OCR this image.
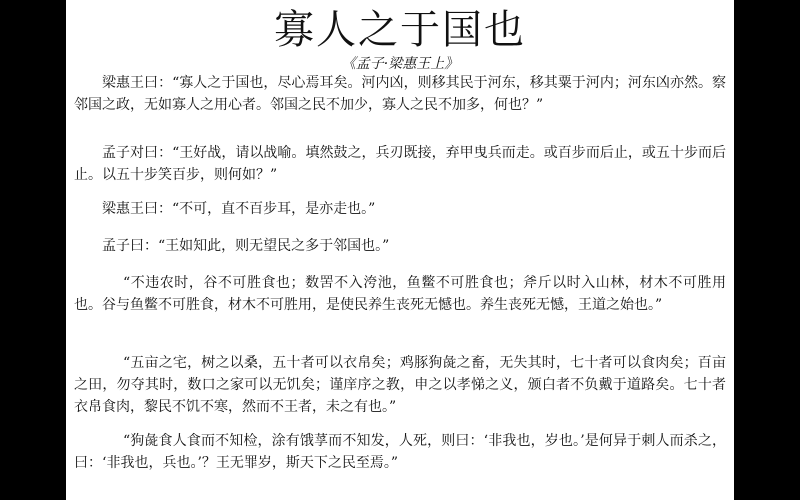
寡人之于国也
《孟子·梁惠王上》

梁惠王曰：“寡人之于国也，尽心焉耳矣。河内凶，则移其民于河东，移其粟于河内；河东凶亦然。察邻国之政，无如寡人之用心者。邻国之民不加少，寡人之民不加多，何也？”

孟子对曰：“王好战，请以战喻。填然鼓之，兵刃既接，弃甲曳兵而走。或百步而后止，或五十步而后止。以五十步笑百步，则何如？”

梁惠王曰：“不可，直不百步耳，是亦走也。”

孟子曰：“王如知此，则无望民之多于邻国也。”

“不违农时，谷不可胜食也；数罟不入洿池，鱼鳖不可胜食也；斧斤以时入山林，材木不可胜用也。谷与鱼鳖不可胜食，材木不可胜用，是使民养生丧死无憾也。养生丧死无憾，王道之始也。”

“五亩之宅，树之以桑，五十者可以衣帛矣；鸡豚狗彘之畜，无失其时，七十者可以食肉矣；百亩之田，勿夺其时，数口之家可以无饥矣；谨庠序之教，申之以孝悌之义，颁白者不负戴于道路矣。七十者衣帛食肉，黎民不饥不寒，然而不王者，未之有也。”

“狗彘食人食而不知检，涂有饿莩而不知发，人死，则曰：‘非我也，岁也。’是何异于刺人而杀之，曰：‘非我也，兵也。’？王无罪岁，斯天下之民至焉。”
